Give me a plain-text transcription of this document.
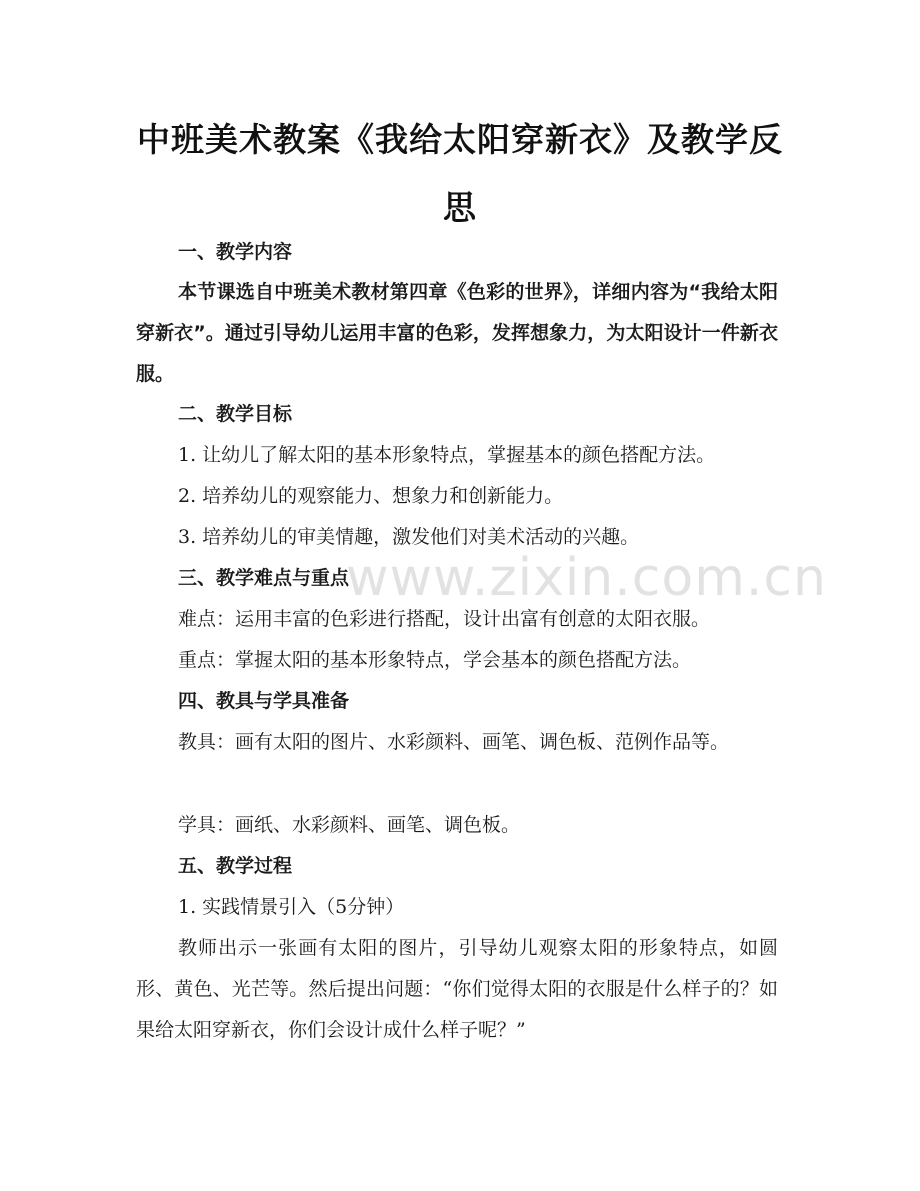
中班美术教案《我给太阳穿新衣》及教学反思
一、教学内容
本节课选自中班美术教材第四章《色彩的世界》，详细内容为“我给太阳穿新衣”。通过引导幼儿运用丰富的色彩，发挥想象力，为太阳设计一件新衣服。
二、教学目标
1. 让幼儿了解太阳的基本形象特点，掌握基本的颜色搭配方法。
2. 培养幼儿的观察能力、想象力和创新能力。
3. 培养幼儿的审美情趣，激发他们对美术活动的兴趣。
三、教学难点与重点
难点：运用丰富的色彩进行搭配，设计出富有创意的太阳衣服。
重点：掌握太阳的基本形象特点，学会基本的颜色搭配方法。
四、教具与学具准备
教具：画有太阳的图片、水彩颜料、画笔、调色板、范例作品等。
学具：画纸、水彩颜料、画笔、调色板。
五、教学过程
1. 实践情景引入（5分钟）
教师出示一张画有太阳的图片，引导幼儿观察太阳的形象特点，如圆形、黄色、光芒等。然后提出问题：“你们觉得太阳的衣服是什么样子的？如果给太阳穿新衣，你们会设计成什么样子呢？”
www.zixin.com.cn
